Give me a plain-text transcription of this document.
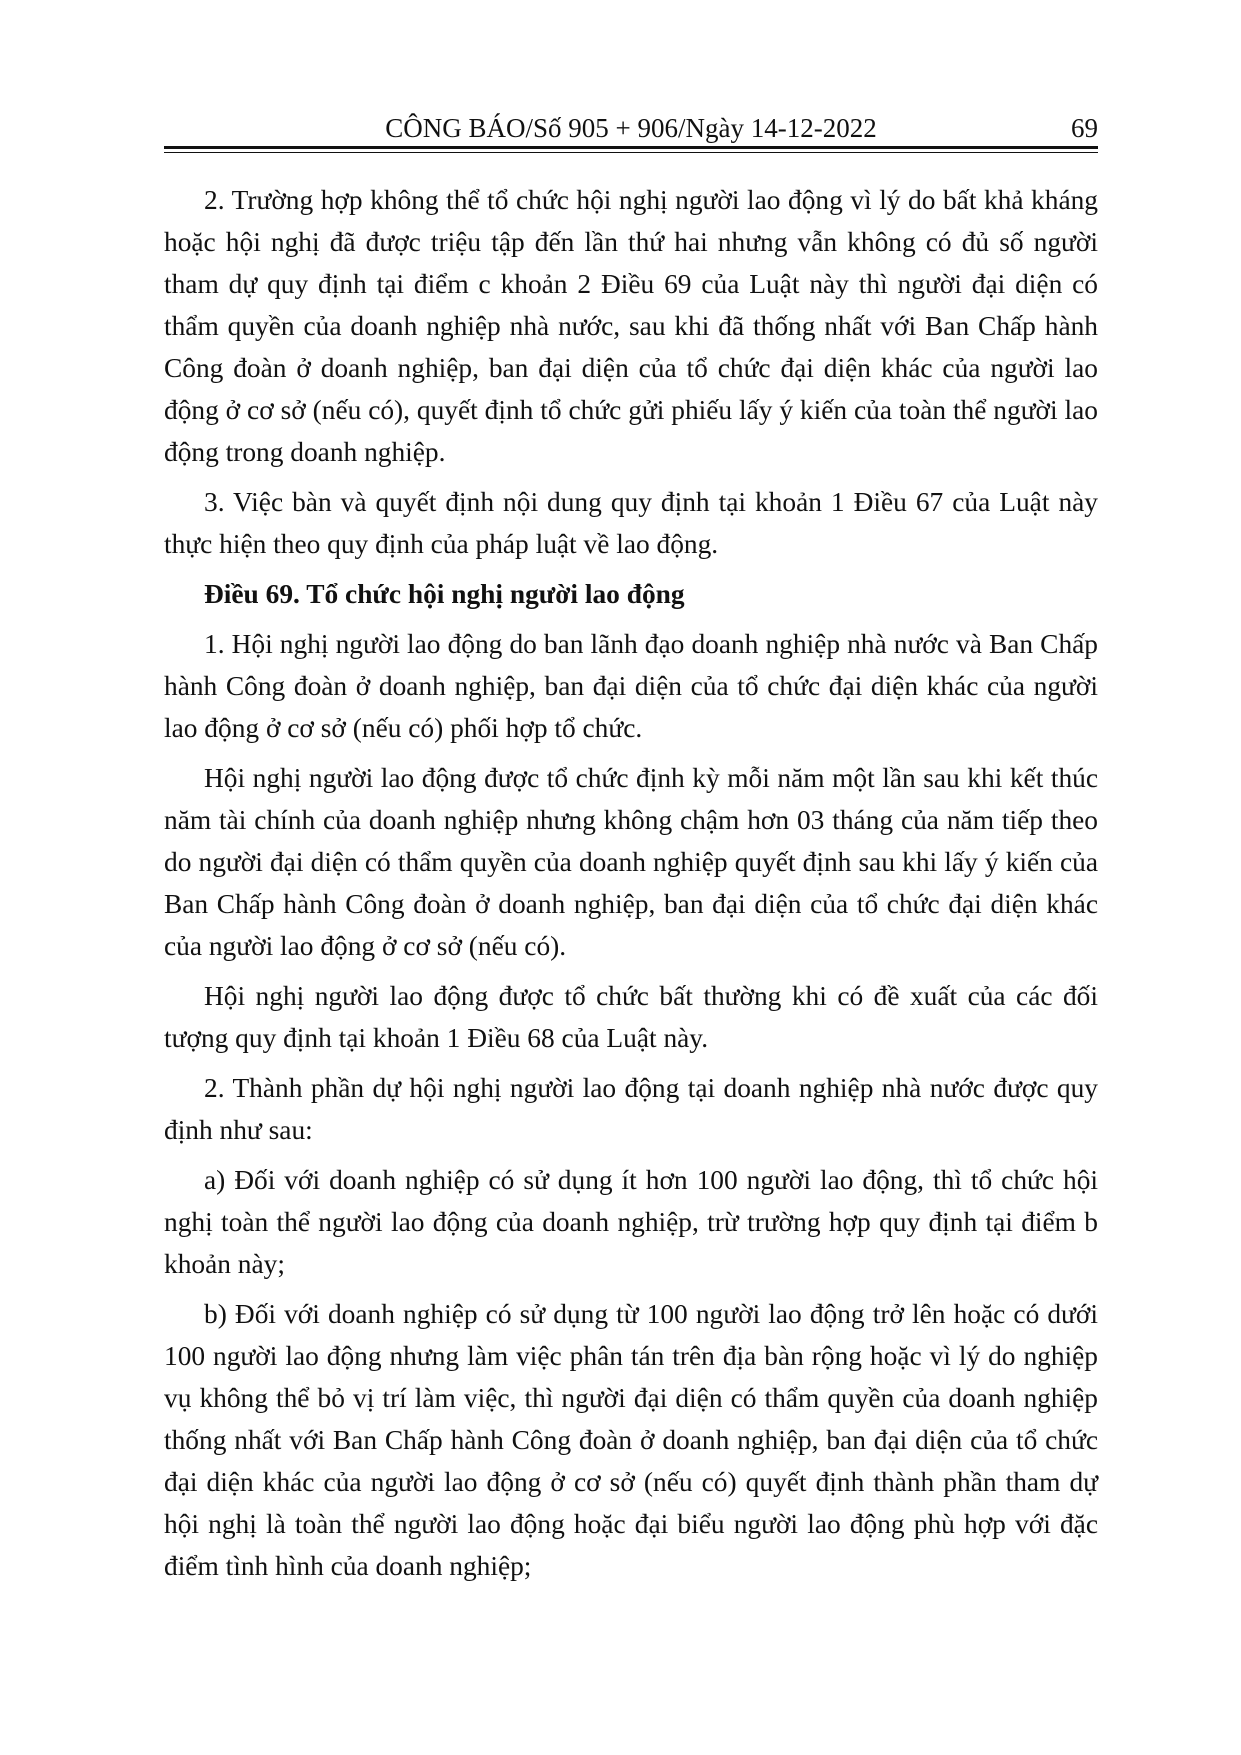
CÔNG BÁO/Số 905 + 906/Ngày 14-12-2022	69

2. Trường hợp không thể tổ chức hội nghị người lao động vì lý do bất khả kháng hoặc hội nghị đã được triệu tập đến lần thứ hai nhưng vẫn không có đủ số người tham dự quy định tại điểm c khoản 2 Điều 69 của Luật này thì người đại diện có thẩm quyền của doanh nghiệp nhà nước, sau khi đã thống nhất với Ban Chấp hành Công đoàn ở doanh nghiệp, ban đại diện của tổ chức đại diện khác của người lao động ở cơ sở (nếu có), quyết định tổ chức gửi phiếu lấy ý kiến của toàn thể người lao động trong doanh nghiệp.

3. Việc bàn và quyết định nội dung quy định tại khoản 1 Điều 67 của Luật này thực hiện theo quy định của pháp luật về lao động.

Điều 69. Tổ chức hội nghị người lao động

1. Hội nghị người lao động do ban lãnh đạo doanh nghiệp nhà nước và Ban Chấp hành Công đoàn ở doanh nghiệp, ban đại diện của tổ chức đại diện khác của người lao động ở cơ sở (nếu có) phối hợp tổ chức.

Hội nghị người lao động được tổ chức định kỳ mỗi năm một lần sau khi kết thúc năm tài chính của doanh nghiệp nhưng không chậm hơn 03 tháng của năm tiếp theo do người đại diện có thẩm quyền của doanh nghiệp quyết định sau khi lấy ý kiến của Ban Chấp hành Công đoàn ở doanh nghiệp, ban đại diện của tổ chức đại diện khác của người lao động ở cơ sở (nếu có).

Hội nghị người lao động được tổ chức bất thường khi có đề xuất của các đối tượng quy định tại khoản 1 Điều 68 của Luật này.

2. Thành phần dự hội nghị người lao động tại doanh nghiệp nhà nước được quy định như sau:

a) Đối với doanh nghiệp có sử dụng ít hơn 100 người lao động, thì tổ chức hội nghị toàn thể người lao động của doanh nghiệp, trừ trường hợp quy định tại điểm b khoản này;

b) Đối với doanh nghiệp có sử dụng từ 100 người lao động trở lên hoặc có dưới 100 người lao động nhưng làm việc phân tán trên địa bàn rộng hoặc vì lý do nghiệp vụ không thể bỏ vị trí làm việc, thì người đại diện có thẩm quyền của doanh nghiệp thống nhất với Ban Chấp hành Công đoàn ở doanh nghiệp, ban đại diện của tổ chức đại diện khác của người lao động ở cơ sở (nếu có) quyết định thành phần tham dự hội nghị là toàn thể người lao động hoặc đại biểu người lao động phù hợp với đặc điểm tình hình của doanh nghiệp;
